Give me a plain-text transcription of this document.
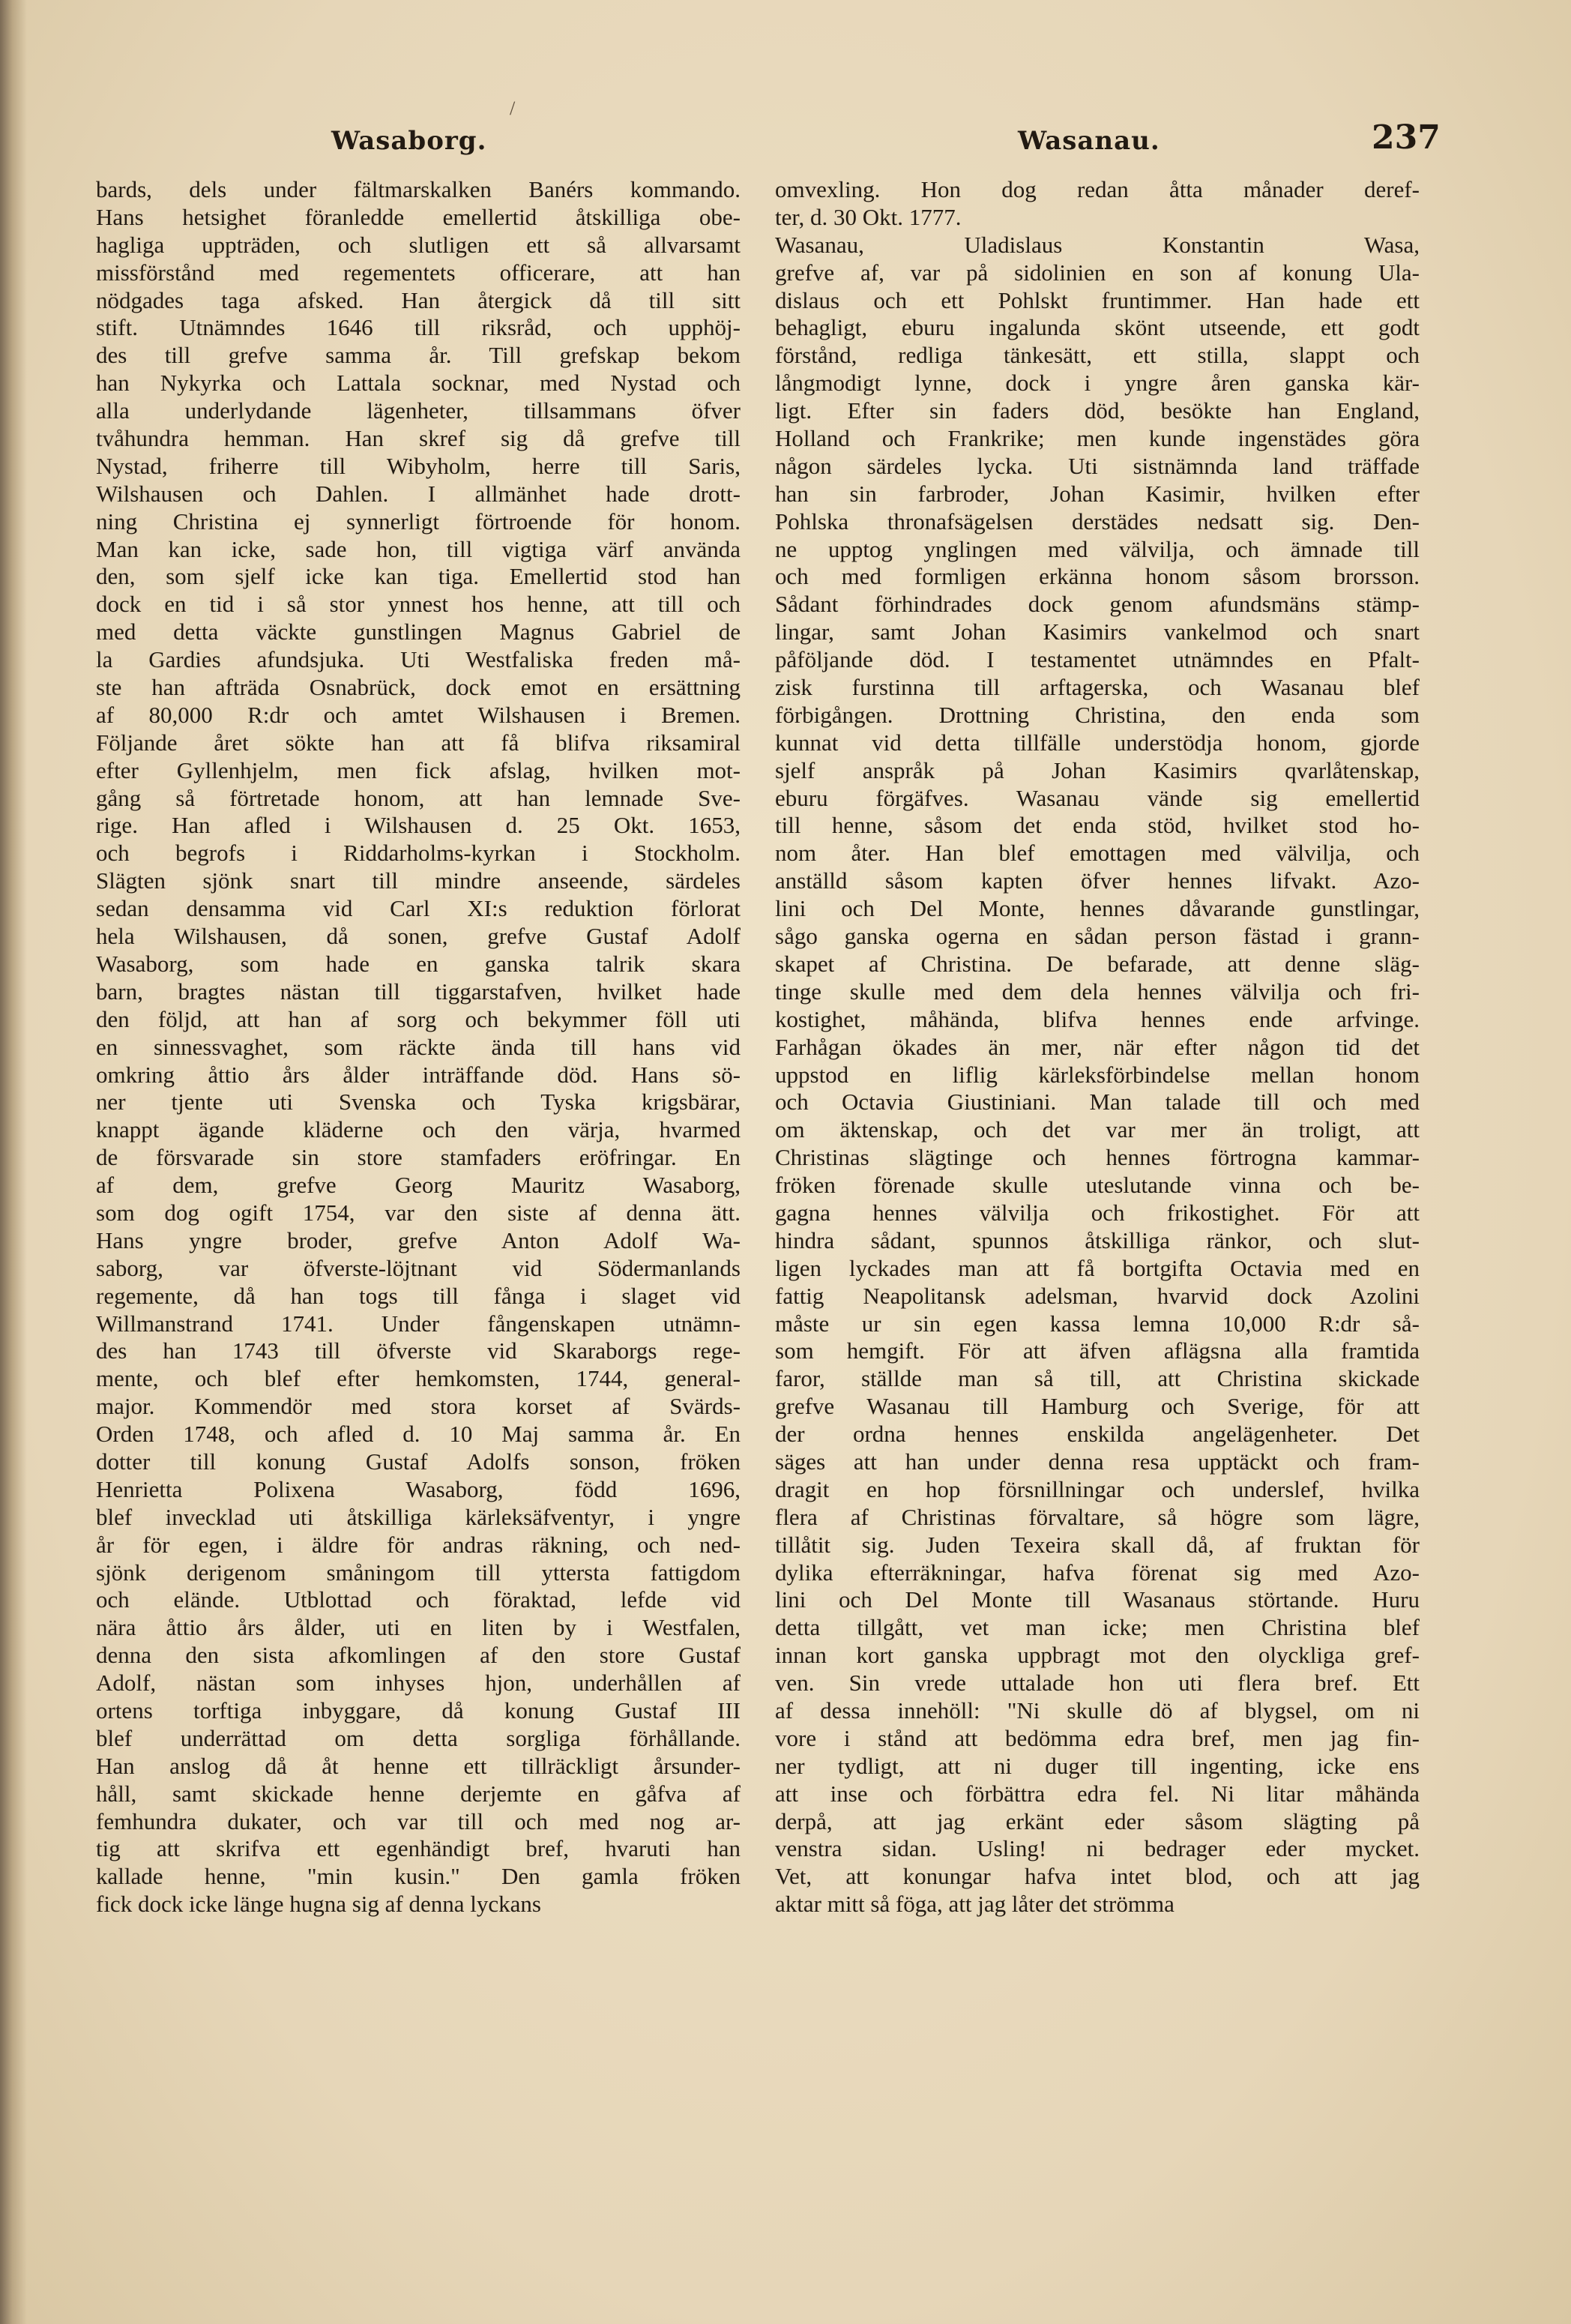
/
Wasaborg.	Wasanau.	237
bards, dels under fältmarskalken Banérs kommando.
Hans hetsighet föranledde emellertid åtskilliga obe-
hagliga uppträden, och slutligen ett så allvarsamt
missförstånd med regementets officerare, att han
nödgades taga afsked. Han återgick då till sitt
stift. Utnämndes 1646 till riksråd, och upphöj-
des till grefve samma år. Till grefskap bekom
han Nykyrka och Lattala socknar, med Nystad och
alla underlydande lägenheter, tillsammans öfver
tvåhundra hemman. Han skref sig då grefve till
Nystad, friherre till Wibyholm, herre till Saris,
Wilshausen och Dahlen. I allmänhet hade drott-
ning Christina ej synnerligt förtroende för honom.
Man kan icke, sade hon, till vigtiga värf använda
den, som sjelf icke kan tiga. Emellertid stod han
dock en tid i så stor ynnest hos henne, att till och
med detta väckte gunstlingen Magnus Gabriel de
la Gardies afundsjuka. Uti Westfaliska freden må-
ste han afträda Osnabrück, dock emot en ersättning
af 80,000 R:dr och amtet Wilshausen i Bremen.
Följande året sökte han att få blifva riksamiral
efter Gyllenhjelm, men fick afslag, hvilken mot-
gång så förtretade honom, att han lemnade Sve-
rige. Han afled i Wilshausen d. 25 Okt. 1653,
och begrofs i Riddarholms-kyrkan i Stockholm.
Slägten sjönk snart till mindre anseende, särdeles
sedan densamma vid Carl XI:s reduktion förlorat
hela Wilshausen, då sonen, grefve Gustaf Adolf
Wasaborg, som hade en ganska talrik skara
barn, bragtes nästan till tiggarstafven, hvilket hade
den följd, att han af sorg och bekymmer föll uti
en sinnessvaghet, som räckte ända till hans vid
omkring åttio års ålder inträffande död. Hans sö-
ner tjente uti Svenska och Tyska krigsbärar,
knappt ägande kläderne och den värja, hvarmed
de försvarade sin store stamfaders eröfringar. En
af dem, grefve Georg Mauritz Wasaborg,
som dog ogift 1754, var den siste af denna ätt.
Hans yngre broder, grefve Anton Adolf Wa-
saborg, var öfverste-löjtnant vid Södermanlands
regemente, då han togs till fånga i slaget vid
Willmanstrand 1741. Under fångenskapen utnämn-
des han 1743 till öfverste vid Skaraborgs rege-
mente, och blef efter hemkomsten, 1744, general-
major. Kommendör med stora korset af Svärds-
Orden 1748, och afled d. 10 Maj samma år. En
dotter till konung Gustaf Adolfs sonson, fröken
Henrietta Polixena Wasaborg, född 1696,
blef invecklad uti åtskilliga kärleksäfventyr, i yngre
år för egen, i äldre för andras räkning, och ned-
sjönk derigenom småningom till yttersta fattigdom
och elände. Utblottad och föraktad, lefde vid
nära åttio års ålder, uti en liten by i Westfalen,
denna den sista afkomlingen af den store Gustaf
Adolf, nästan som inhyses hjon, underhållen af
ortens torftiga inbyggare, då konung Gustaf III
blef underrättad om detta sorgliga förhållande.
Han anslog då åt henne ett tillräckligt årsunder-
håll, samt skickade henne derjemte en gåfva af
femhundra dukater, och var till och med nog ar-
tig att skrifva ett egenhändigt bref, hvaruti han
kallade henne, "min kusin." Den gamla fröken
fick dock icke länge hugna sig af denna lyckans
omvexling. Hon dog redan åtta månader deref-
ter, d. 30 Okt. 1777.
Wasanau, Uladislaus Konstantin Wasa,
grefve af, var på sidolinien en son af konung Ula-
dislaus och ett Pohlskt fruntimmer. Han hade ett
behagligt, eburu ingalunda skönt utseende, ett godt
förstånd, redliga tänkesätt, ett stilla, slappt och
långmodigt lynne, dock i yngre åren ganska kär-
ligt. Efter sin faders död, besökte han England,
Holland och Frankrike; men kunde ingenstädes göra
någon särdeles lycka. Uti sistnämnda land träffade
han sin farbroder, Johan Kasimir, hvilken efter
Pohlska thronafsägelsen derstädes nedsatt sig. Den-
ne upptog ynglingen med välvilja, och ämnade till
och med formligen erkänna honom såsom brorsson.
Sådant förhindrades dock genom afundsmäns stämp-
lingar, samt Johan Kasimirs vankelmod och snart
påföljande död. I testamentet utnämndes en Pfalt-
zisk furstinna till arftagerska, och Wasanau blef
förbigången. Drottning Christina, den enda som
kunnat vid detta tillfälle understödja honom, gjorde
sjelf anspråk på Johan Kasimirs qvarlåtenskap,
eburu förgäfves. Wasanau vände sig emellertid
till henne, såsom det enda stöd, hvilket stod ho-
nom åter. Han blef emottagen med välvilja, och
anställd såsom kapten öfver hennes lifvakt. Azo-
lini och Del Monte, hennes dåvarande gunstlingar,
sågo ganska ogerna en sådan person fästad i grann-
skapet af Christina. De befarade, att denne släg-
tinge skulle med dem dela hennes välvilja och fri-
kostighet, måhända, blifva hennes ende arfvinge.
Farhågan ökades än mer, när efter någon tid det
uppstod en liflig kärleksförbindelse mellan honom
och Octavia Giustiniani. Man talade till och med
om äktenskap, och det var mer än troligt, att
Christinas slägtinge och hennes förtrogna kammar-
fröken förenade skulle uteslutande vinna och be-
gagna hennes välvilja och frikostighet. För att
hindra sådant, spunnos åtskilliga ränkor, och slut-
ligen lyckades man att få bortgifta Octavia med en
fattig Neapolitansk adelsman, hvarvid dock Azolini
måste ur sin egen kassa lemna 10,000 R:dr så-
som hemgift. För att äfven aflägsna alla framtida
faror, ställde man så till, att Christina skickade
grefve Wasanau till Hamburg och Sverige, för att
der ordna hennes enskilda angelägenheter. Det
säges att han under denna resa upptäckt och fram-
dragit en hop försnillningar och underslef, hvilka
flera af Christinas förvaltare, så högre som lägre,
tillåtit sig. Juden Texeira skall då, af fruktan för
dylika efterräkningar, hafva förenat sig med Azo-
lini och Del Monte till Wasanaus störtande. Huru
detta tillgått, vet man icke; men Christina blef
innan kort ganska uppbragt mot den olyckliga gref-
ven. Sin vrede uttalade hon uti flera bref. Ett
af dessa innehöll: "Ni skulle dö af blygsel, om ni
vore i stånd att bedömma edra bref, men jag fin-
ner tydligt, att ni duger till ingenting, icke ens
att inse och förbättra edra fel. Ni litar måhända
derpå, att jag erkänt eder såsom slägting på
venstra sidan. Usling! ni bedrager eder mycket.
Vet, att konungar hafva intet blod, och att jag
aktar mitt så föga, att jag låter det strömma
